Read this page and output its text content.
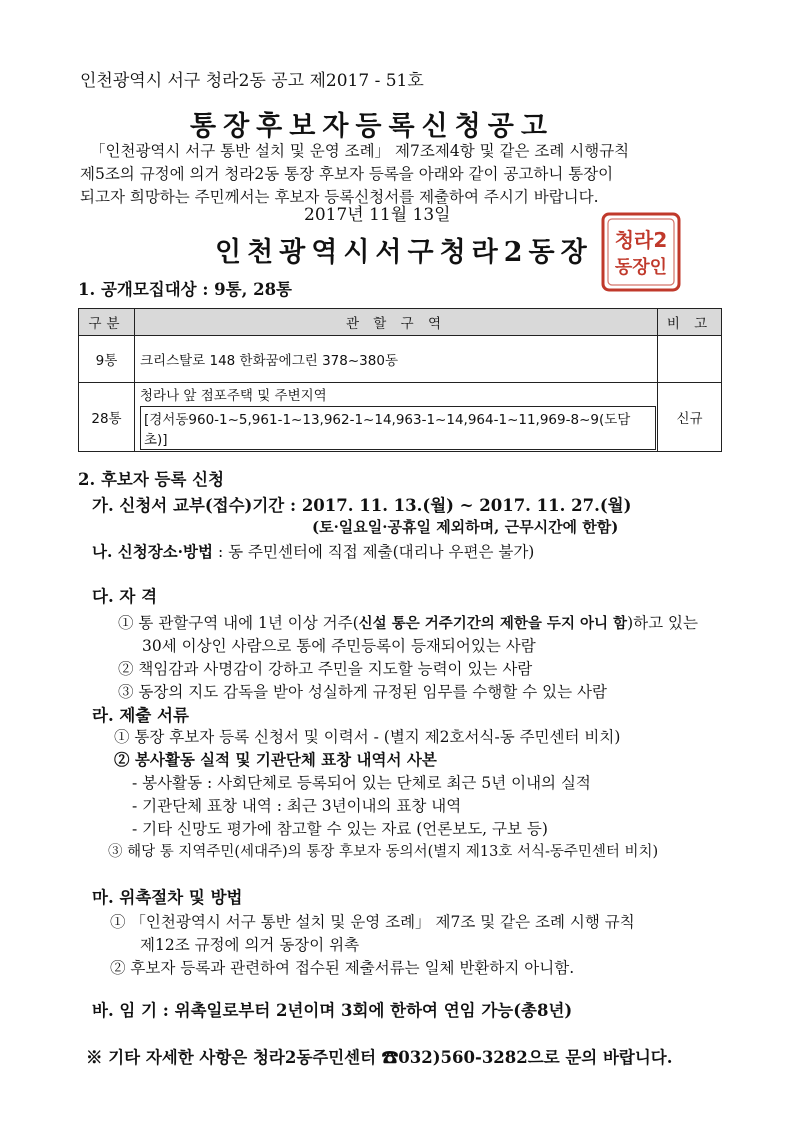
인천광역시 서구 청라2동 공고 제2017 - 51호
통장후보자등록신청공고
「인천광역시 서구 통반 설치 및 운영 조례」 제7조제4항 및 같은 조례 시행규칙
제5조의 규정에 의거 청라2동 통장 후보자 등록을 아래와 같이 공고하니 통장이
되고자 희망하는 주민께서는 후보자 등록신청서를 제출하여 주시기 바랍니다.
2017년 11월 13일
인천광역시서구청라2동장 청라2
동장인
1. 공개모집대상 : 9통, 28통
구분	관 할 구 역	비 고
9통	크리스탈로 148 한화꿈에그린 378~380동	
28통	청라나 앞 점포주택 및 주변지역
[경서동960-1~5,961-1~13,962-1~14,963-1~14,964-1~11,969-8~9(도담초)]	신규
2. 후보자 등록 신청
가. 신청서 교부(접수)기간 : 2017. 11. 13.(월) ~ 2017. 11. 27.(월)
(토·일요일·공휴일 제외하며, 근무시간에 한함)
나. 신청장소·방법 : 동 주민센터에 직접 제출(대리나 우편은 불가)
다. 자 격
① 통 관할구역 내에 1년 이상 거주(신설 통은 거주기간의 제한을 두지 아니 함)하고 있는
30세 이상인 사람으로 통에 주민등록이 등재되어있는 사람
② 책임감과 사명감이 강하고 주민을 지도할 능력이 있는 사람
③ 동장의 지도 감독을 받아 성실하게 규정된 임무를 수행할 수 있는 사람
라. 제출 서류
① 통장 후보자 등록 신청서 및 이력서 - (별지 제2호서식-동 주민센터 비치)
② 봉사활동 실적 및 기관단체 표창 내역서 사본
- 봉사활동 : 사회단체로 등록되어 있는 단체로 최근 5년 이내의 실적
- 기관단체 표창 내역 : 최근 3년이내의 표창 내역
- 기타 신망도 평가에 참고할 수 있는 자료 (언론보도, 구보 등)
③ 해당 통 지역주민(세대주)의 통장 후보자 동의서(별지 제13호 서식-동주민센터 비치)
마. 위촉절차 및 방법
① 「인천광역시 서구 통반 설치 및 운영 조례」 제7조 및 같은 조례 시행 규칙
제12조 규정에 의거 동장이 위촉
② 후보자 등록과 관련하여 접수된 제출서류는 일체 반환하지 아니함.
바. 임 기 : 위촉일로부터 2년이며 3회에 한하여 연임 가능(총8년)
※ 기타 자세한 사항은 청라2동주민센터 ☎032)560-3282으로 문의 바랍니다.
